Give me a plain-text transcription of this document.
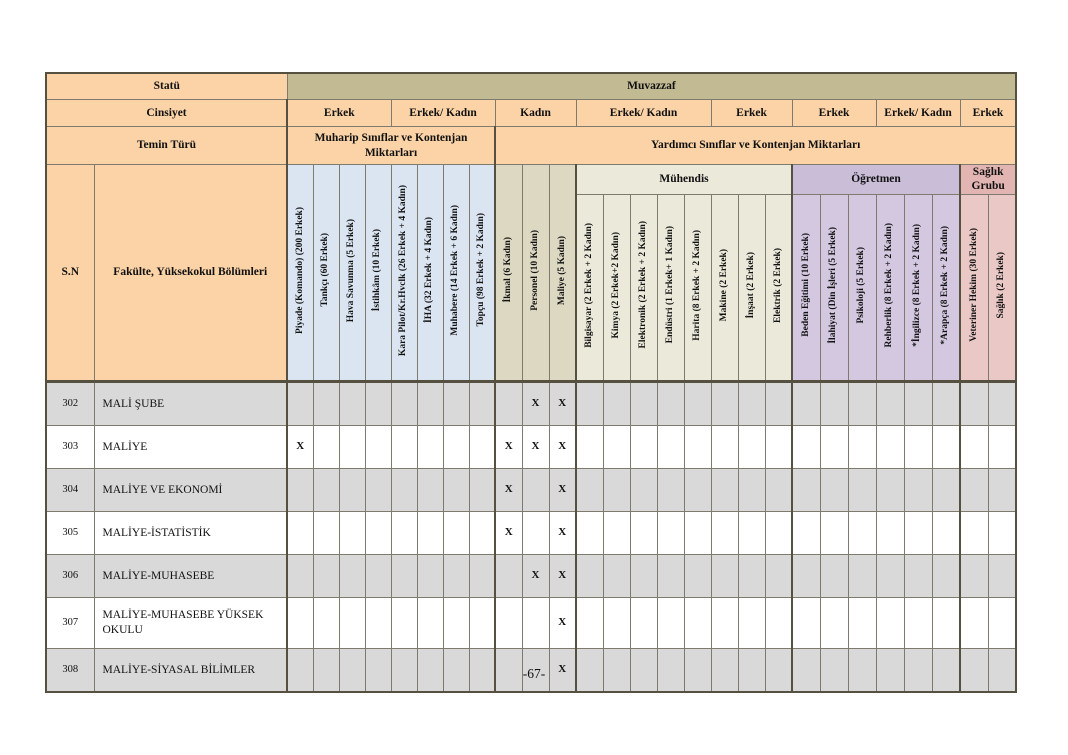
Statü		Muvazzaf																										
Cinsiyet		Erkek				Erkek/ Kadın				Kadın			Erkek/ Kadın					Erkek			Erkek			Erkek/ Kadın			Erkek	
Temin Türü		Muharip Sınıflar ve Kontenjan Miktarları								Yardımcı Sınıflar ve Kontenjan Miktarları																		
S.N	Fakülte, Yüksekokul Bölümleri	Piyade (Komando) (200 Erkek)	Tankçı (60 Erkek)	Hava Savunma (5 Erkek)	İstihkâm (10 Erkek)	Kara Pilot/Kr.Hvclk (26 Erkek + 4 Kadın)	İHA (32 Erkek + 4 Kadın)	Muhabere (14 Erkek + 6 Kadın)	Topçu (98 Erkek + 2 Kadın)	İkmal (6 Kadın)	Personel (10 Kadın)	Maliye (5 Kadın)	Mühendis								Öğretmen						Sağlık Grubu	
													Bilgisayar (2 Erkek + 2 Kadın)	Kimya (2 Erkek+2 Kadın)	Elektronik (2 Erkek + 2 Kadın)	Endüstri (1 Erkek+ 1 Kadın)	Harita (8 Erkek + 2 Kadın)	Makine (2 Erkek)	İnşaat (2 Erkek)	Elektrik (2 Erkek)	Beden Eğitimi (10 Erkek)	İlahiyat (Din İşleri (5 Erkek)	Psikoloji (5 Erkek)	Rehberlik (8 Erkek + 2 Kadın)	*İngilizce (8 Erkek + 2 Kadın)	*Arapça (8 Erkek + 2 Kadın)	Veteriner Hekim (30 Erkek)	Sağlık (2 Erkek)
302	MALİ ŞUBE										X	X																
303	MALİYE	X								X	X	X																
304	MALİYE VE EKONOMİ									X		X																
305	MALİYE-İSTATİSTİK									X		X																
306	MALİYE-MUHASEBE										X	X																
307	MALİYE-MUHASEBE YÜKSEK OKULU											X																
308	MALİYE-SİYASAL BİLİMLER											X																
-67-
